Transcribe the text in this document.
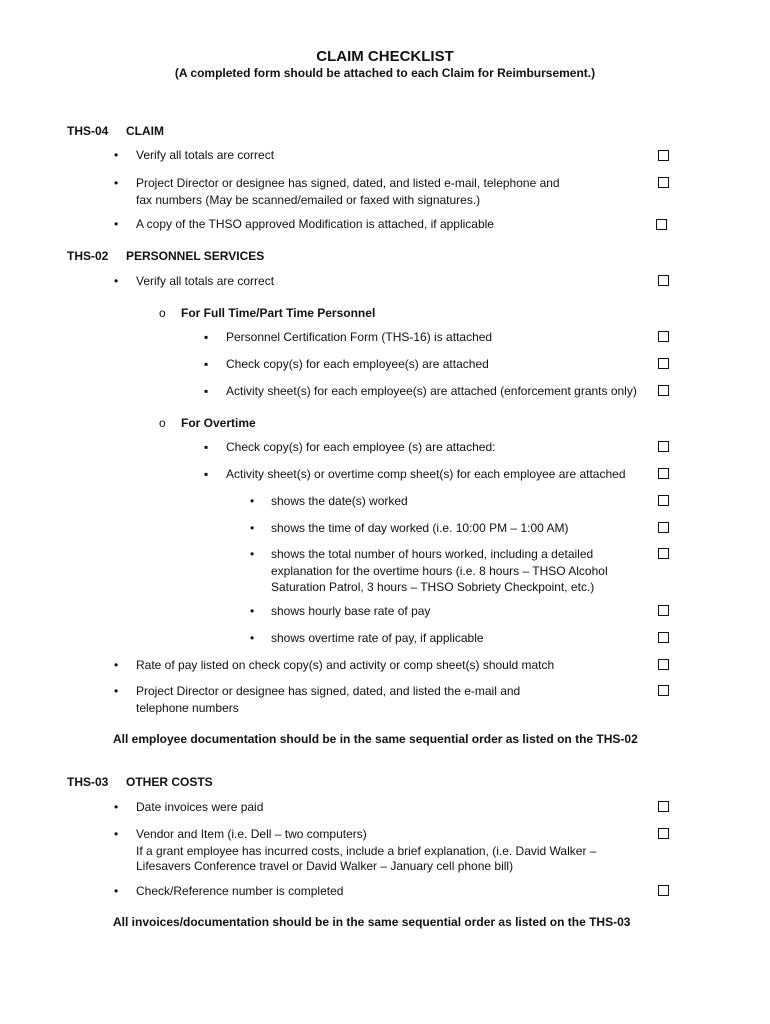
CLAIM CHECKLIST
(A completed form should be attached to each Claim for Reimbursement.)
THS-04 CLAIM
• Verify all totals are correct
• Project Director or designee has signed, dated, and listed e-mail, telephone and
fax numbers (May be scanned/emailed or faxed with signatures.)
• A copy of the THSO approved Modification is attached, if applicable
THS-02 PERSONNEL SERVICES
• Verify all totals are correct
o For Full Time/Part Time Personnel
▪ Personnel Certification Form (THS-16) is attached
▪ Check copy(s) for each employee(s) are attached
▪ Activity sheet(s) for each employee(s) are attached (enforcement grants only)
o For Overtime
▪ Check copy(s) for each employee (s) are attached:
▪ Activity sheet(s) or overtime comp sheet(s) for each employee are attached
• shows the date(s) worked
• shows the time of day worked (i.e. 10:00 PM – 1:00 AM)
• shows the total number of hours worked, including a detailed
explanation for the overtime hours (i.e. 8 hours – THSO Alcohol
Saturation Patrol, 3 hours – THSO Sobriety Checkpoint, etc.)
• shows hourly base rate of pay
• shows overtime rate of pay, if applicable
• Rate of pay listed on check copy(s) and activity or comp sheet(s) should match
• Project Director or designee has signed, dated, and listed the e-mail and
telephone numbers
All employee documentation should be in the same sequential order as listed on the THS-02
THS-03 OTHER COSTS
• Date invoices were paid
• Vendor and Item (i.e. Dell – two computers)
If a grant employee has incurred costs, include a brief explanation, (i.e. David Walker –
Lifesavers Conference travel or David Walker – January cell phone bill)
• Check/Reference number is completed
All invoices/documentation should be in the same sequential order as listed on the THS-03
